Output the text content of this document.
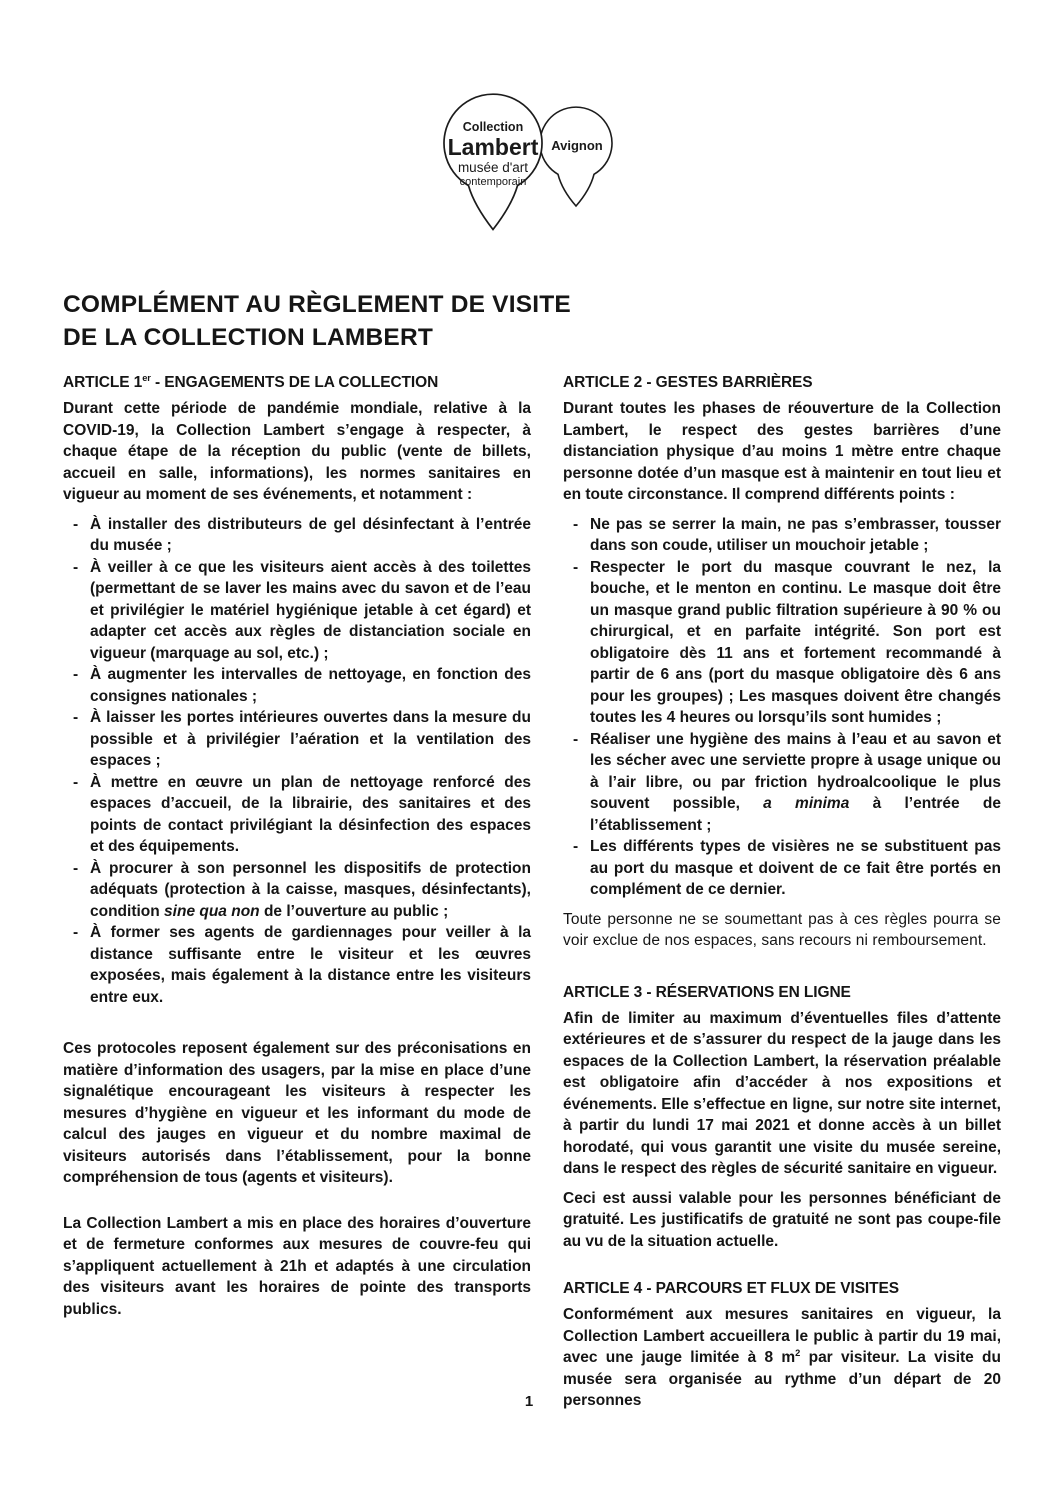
Collection
Lambert
musée d'art
contemporain
Avignon
COMPLÉMENT AU RÈGLEMENT DE VISITE
DE LA COLLECTION LAMBERT
ARTICLE 1er - ENGAGEMENTS DE LA COLLECTION

Durant cette période de pandémie mondiale, relative à la COVID-19, la Collection Lambert s’engage à respecter, à chaque étape de la réception du public (vente de billets, accueil en salle, informations), les normes sanitaires en vigueur au moment de ses événements, et notamment :

- À installer des distributeurs de gel désinfectant à l’entrée du musée ;
- À veiller à ce que les visiteurs aient accès à des toilettes (permettant de se laver les mains avec du savon et de l’eau et privilégier le matériel hygiénique jetable à cet égard) et adapter cet accès aux règles de distanciation sociale en vigueur (marquage au sol, etc.) ;
- À augmenter les intervalles de nettoyage, en fonction des consignes nationales ;
- À laisser les portes intérieures ouvertes dans la mesure du possible et à privilégier l’aération et la ventilation des espaces ;
- À mettre en œuvre un plan de nettoyage renforcé des espaces d’accueil, de la librairie, des sanitaires et des points de contact privilégiant la désinfection des espaces et des équipements.
- À procurer à son personnel les dispositifs de protection adéquats (protection à la caisse, masques, désinfectants), condition sine qua non de l’ouverture au public ;
- À former ses agents de gardiennages pour veiller à la distance suffisante entre le visiteur et les œuvres exposées, mais également à la distance entre les visiteurs entre eux.

Ces protocoles reposent également sur des préconisations en matière d’information des usagers, par la mise en place d’une signalétique encourageant les visiteurs à respecter les mesures d’hygiène en vigueur et les informant du mode de calcul des jauges en vigueur et du nombre maximal de visiteurs autorisés dans l’établissement, pour la bonne compréhension de tous (agents et visiteurs).

La Collection Lambert a mis en place des horaires d’ouverture et de fermeture conformes aux mesures de couvre-feu qui s’appliquent actuellement à 21h et adaptés à une circulation des visiteurs avant les horaires de pointe des transports publics.

ARTICLE 2 - GESTES BARRIÈRES

Durant toutes les phases de réouverture de la Collection Lambert, le respect des gestes barrières d’une distanciation physique d’au moins 1 mètre entre chaque personne dotée d’un masque est à maintenir en tout lieu et en toute circonstance. Il comprend différents points :

- Ne pas se serrer la main, ne pas s’embrasser, tousser dans son coude, utiliser un mouchoir jetable ;
- Respecter le port du masque couvrant le nez, la bouche, et le menton en continu. Le masque doit être un masque grand public filtration supérieure à 90 % ou chirurgical, et en parfaite intégrité. Son port est obligatoire dès 11 ans et fortement recommandé à partir de 6 ans (port du masque obligatoire dès 6 ans pour les groupes) ; Les masques doivent être changés toutes les 4 heures ou lorsqu’ils sont humides ;
- Réaliser une hygiène des mains à l’eau et au savon et les sécher avec une serviette propre à usage unique ou à l’air libre, ou par friction hydroalcoolique le plus souvent possible, a minima à l’entrée de l’établissement ;
- Les différents types de visières ne se substituent pas au port du masque et doivent de ce fait être portés en complément de ce dernier.

Toute personne ne se soumettant pas à ces règles pourra se voir exclue de nos espaces, sans recours ni remboursement.

ARTICLE 3 - RÉSERVATIONS EN LIGNE

Afin de limiter au maximum d’éventuelles files d’attente extérieures et de s’assurer du respect de la jauge dans les espaces de la Collection Lambert, la réservation préalable est obligatoire afin d’accéder à nos expositions et événements. Elle s’effectue en ligne, sur notre site internet, à partir du lundi 17 mai 2021 et donne accès à un billet horodaté, qui vous garantit une visite du musée sereine, dans le respect des règles de sécurité sanitaire en vigueur.

Ceci est aussi valable pour les personnes bénéficiant de gratuité. Les justificatifs de gratuité ne sont pas coupe-file au vu de la situation actuelle.

ARTICLE 4 - PARCOURS ET FLUX DE VISITES

Conformément aux mesures sanitaires en vigueur, la Collection Lambert accueillera le public à partir du 19 mai, avec une jauge limitée à 8 $m^2$ par visiteur. La visite du musée sera organisée au rythme d’un départ de 20 personnes

1
